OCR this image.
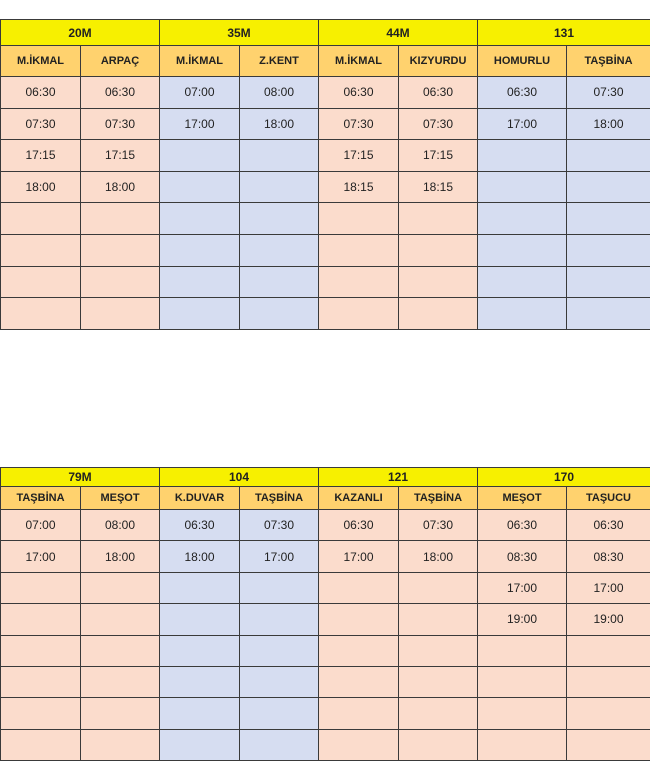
20M		35M		44M		131	
M.İKMAL	ARPAÇ	M.İKMAL	Z.KENT	M.İKMAL	KIZYURDU	HOMURLU	TAŞBİNA
06:30	06:30	07:00	08:00	06:30	06:30	06:30	07:30
07:30	07:30	17:00	18:00	07:30	07:30	17:00	18:00
17:15	17:15			17:15	17:15		
18:00	18:00			18:15	18:15		

79M		104		121		170	
TAŞBİNA	MEŞOT	K.DUVAR	TAŞBİNA	KAZANLI	TAŞBİNA	MEŞOT	TAŞUCU
07:00	08:00	06:30	07:30	06:30	07:30	06:30	06:30
17:00	18:00	18:00	17:00	17:00	18:00	08:30	08:30
						17:00	17:00
						19:00	19:00
